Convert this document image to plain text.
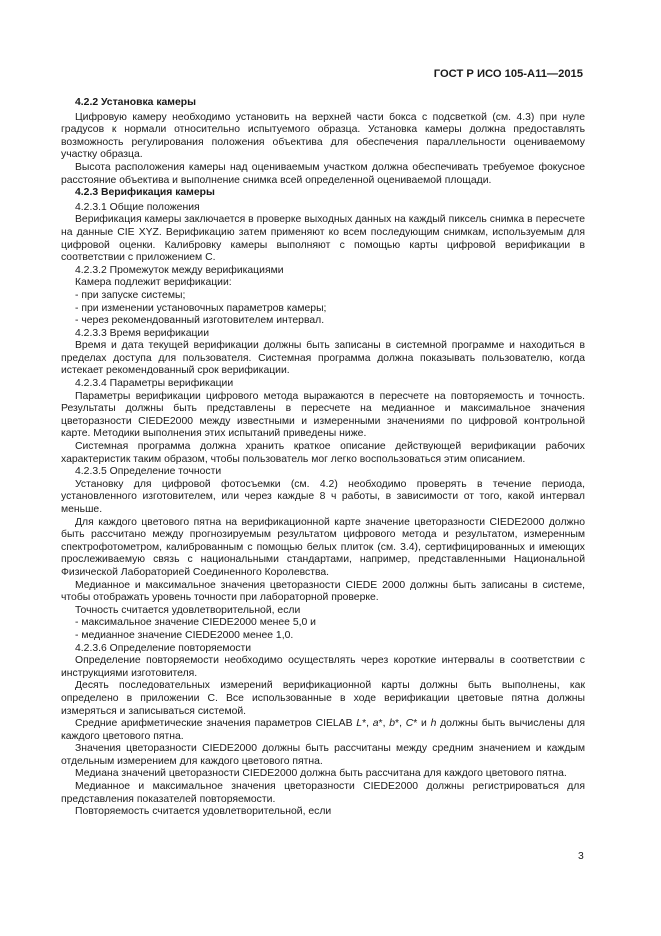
ГОСТ Р ИСО 105-A11—2015

4.2.2 Установка камеры

Цифровую камеру необходимо установить на верхней части бокса с подсветкой (см. 4.3) при нуле градусов к нормали относительно испытуемого образца. Установка камеры должна предоставлять возможность регулирования положения объектива для обеспечения параллельности оцениваемому участку образца.

Высота расположения камеры над оцениваемым участком должна обеспечивать требуемое фокусное расстояние объектива и выполнение снимка всей определенной оцениваемой площади.

4.2.3 Верификация камеры

4.2.3.1 Общие положения

Верификация камеры заключается в проверке выходных данных на каждый пиксель снимка в пересчете на данные CIE XYZ. Верификацию затем применяют ко всем последующим снимкам, используемым для цифровой оценки. Калибровку камеры выполняют с помощью карты цифровой верификации в соответствии с приложением С.

4.2.3.2 Промежуток между верификациями

Камера подлежит верификации:

- при запуске системы;

- при изменении установочных параметров камеры;

- через рекомендованный изготовителем интервал.

4.2.3.3 Время верификации

Время и дата текущей верификации должны быть записаны в системной программе и находиться в пределах доступа для пользователя. Системная программа должна показывать пользователю, когда истекает рекомендованный срок верификации.

4.2.3.4 Параметры верификации

Параметры верификации цифрового метода выражаются в пересчете на повторяемость и точность. Результаты должны быть представлены в пересчете на медианное и максимальное значения цветоразности CIEDE2000 между известными и измеренными значениями по цифровой контрольной карте. Методики выполнения этих испытаний приведены ниже.

Системная программа должна хранить краткое описание действующей верификации рабочих характеристик таким образом, чтобы пользователь мог легко воспользоваться этим описанием.

4.2.3.5 Определение точности

Установку для цифровой фотосъемки (см. 4.2) необходимо проверять в течение периода, установленного изготовителем, или через каждые 8 ч работы, в зависимости от того, какой интервал меньше.

Для каждого цветового пятна на верификационной карте значение цветоразности CIEDE2000 должно быть рассчитано между прогнозируемым результатом цифрового метода и результатом, измеренным спектрофотометром, калиброванным с помощью белых плиток (см. 3.4), сертифицированных и имеющих прослеживаемую связь с национальными стандартами, например, представленными Национальной Физической Лабораторией Соединенного Королевства.

Медианное и максимальное значения цветоразности CIEDE 2000 должны быть записаны в системе, чтобы отображать уровень точности при лабораторной проверке.

Точность считается удовлетворительной, если

- максимальное значение CIEDE2000 менее 5,0 и

- медианное значение CIEDE2000 менее 1,0.

4.2.3.6 Определение повторяемости

Определение повторяемости необходимо осуществлять через короткие интервалы в соответствии с инструкциями изготовителя.

Десять последовательных измерений верификационной карты должны быть выполнены, как определено в приложении С. Все использованные в ходе верификации цветовые пятна должны измеряться и записываться системой.

Средние арифметические значения параметров CIELAB L*, a*, b*, C* и h должны быть вычислены для каждого цветового пятна.

Значения цветоразности CIEDE2000 должны быть рассчитаны между средним значением и каждым отдельным измерением для каждого цветового пятна.

Медиана значений цветоразности CIEDE2000 должна быть рассчитана для каждого цветового пятна.

Медианное и максимальное значения цветоразности CIEDE2000 должны регистрироваться для представления показателей повторяемости.

Повторяемость считается удовлетворительной, если

3
